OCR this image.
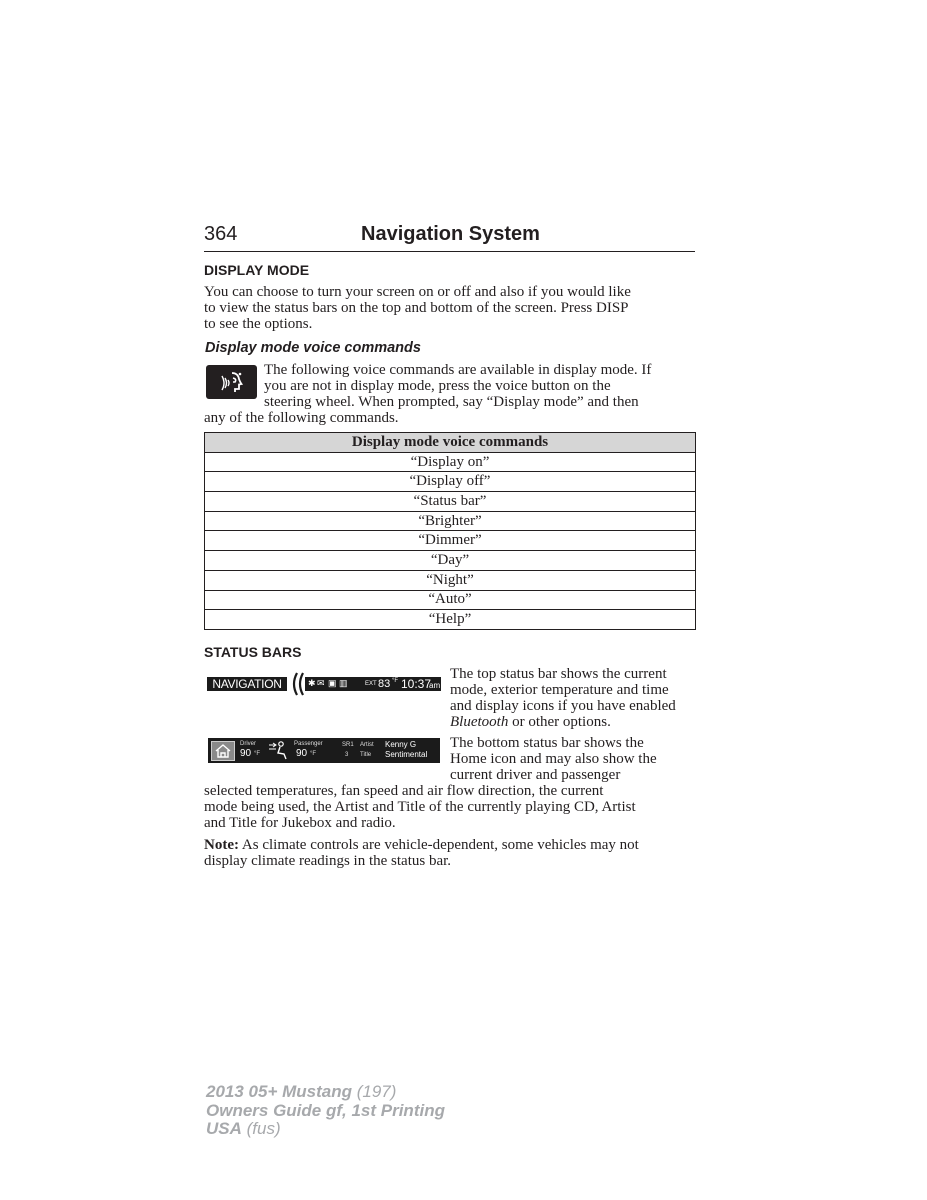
364	Navigation System
DISPLAY MODE
You can choose to turn your screen on or off and also if you would like
to view the status bars on the top and bottom of the screen. Press DISP
to see the options.
Display mode voice commands
The following voice commands are available in display mode. If
you are not in display mode, press the voice button on the
steering wheel. When prompted, say “Display mode” and then
any of the following commands.
Display mode voice commands
“Display on”
“Display off”
“Status bar”
“Brighter”
“Dimmer”
“Day”
“Night”
“Auto”
“Help”
STATUS BARS
NAVIGATION	✱ ✉ ▣ ▥	EXT 83 °F 10:37
am
The top status bar shows the current
mode, exterior temperature and time
and display icons if you have enabled
Bluetooth or other options.
Driver
90 °F
Passenger
90 °F
SR1
3
Artist
Title
Kenny G
Sentimental
The bottom status bar shows the
Home icon and may also show the
current driver and passenger
selected temperatures, fan speed and air flow direction, the current
mode being used, the Artist and Title of the currently playing CD, Artist
and Title for Jukebox and radio.
Note: As climate controls are vehicle-dependent, some vehicles may not
display climate readings in the status bar.
2013 05+ Mustang (197)
Owners Guide gf, 1st Printing
USA (fus)
